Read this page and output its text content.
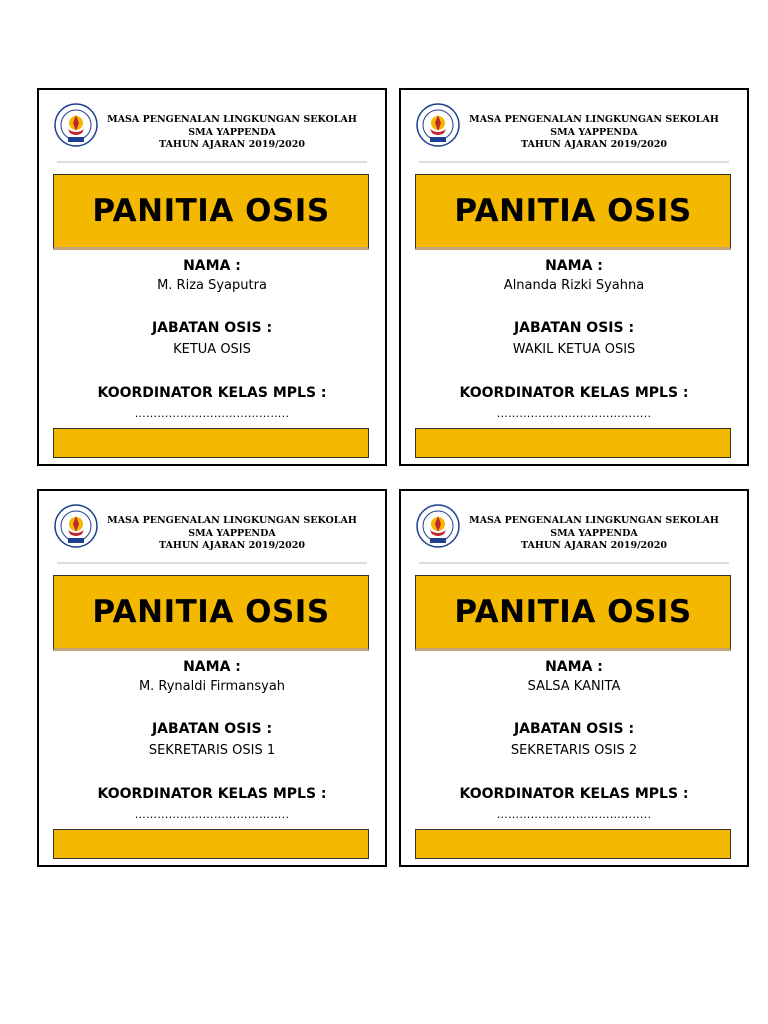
MASA PENGENALAN LINGKUNGAN SEKOLAH
SMA YAPPENDA
TAHUN AJARAN 2019/2020
PANITIA OSIS
NAMA :
M. Riza Syaputra
JABATAN OSIS :
KETUA OSIS
KOORDINATOR KELAS MPLS :
…………………………………..
MASA PENGENALAN LINGKUNGAN SEKOLAH
SMA YAPPENDA
TAHUN AJARAN 2019/2020
PANITIA OSIS
NAMA :
Alnanda Rizki Syahna
JABATAN OSIS :
WAKIL KETUA OSIS
KOORDINATOR KELAS MPLS :
…………………………………..
MASA PENGENALAN LINGKUNGAN SEKOLAH
SMA YAPPENDA
TAHUN AJARAN 2019/2020
PANITIA OSIS
NAMA :
M. Rynaldi Firmansyah
JABATAN OSIS :
SEKRETARIS OSIS 1
KOORDINATOR KELAS MPLS :
…………………………………..
MASA PENGENALAN LINGKUNGAN SEKOLAH
SMA YAPPENDA
TAHUN AJARAN 2019/2020
PANITIA OSIS
NAMA :
SALSA KANITA
JABATAN OSIS :
SEKRETARIS OSIS 2
KOORDINATOR KELAS MPLS :
…………………………………..
